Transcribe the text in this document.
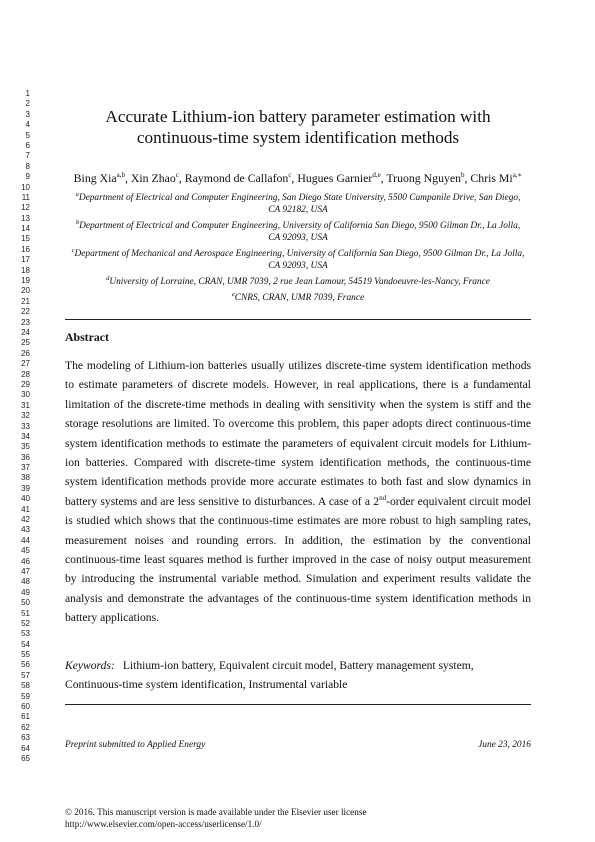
1
2
3
4
5
6
7
8
9
10
11
12
13
14
15
16
17
18
19
20
21
22
23
24
25
26
27
28
29
30
31
32
33
34
35
36
37
38
39
40
41
42
43
44
45
46
47
48
49
50
51
52
53
54
55
56
57
58
59
60
61
62
63
64
65
Accurate Lithium-ion battery parameter estimation with
continuous-time system identification methods
Bing Xia$^{a,b}$, Xin Zhao$^c$, Raymond de Callafon$^c$, Hugues Garnier$^{d,e}$, Truong Nguyen$^b$, Chris $Mi^{a,∗}$
$^a$Department of Electrical and Computer Engineering, San Diego State University, 5500 Campanile Drive, San Diego, CA 92182, USA
$^b$Department of Electrical and Computer Engineering, University of California San Diego, 9500 Gilman Dr., La Jolla, CA 92093, USA
$^c$Department of Mechanical and Aerospace Engineering, University of California San Diego, 9500 Gilman Dr., La Jolla, CA 92093, USA
$^d$University of Lorraine, CRAN, UMR 7039, 2 rue Jean Lamour, 54519 Vandoeuvre-les-Nancy, France
$^e$CNRS, CRAN, UMR 7039, France
Abstract
The modeling of Lithium-ion batteries usually utilizes discrete-time system identification methods to estimate parameters of discrete models. However, in real applications, there is a fundamental limitation of the discrete-time methods in dealing with sensitivity when the system is stiff and the storage resolutions are limited. To overcome this problem, this paper adopts direct continuous-time system identification methods to estimate the parameters of equivalent circuit models for Lithium-ion batteries. Compared with discrete-time system identification methods, the continuous-time system identification methods provide more accurate estimates to both fast and slow dynamics in battery systems and are less sensitive to disturbances. A case of a 2nd-order equivalent circuit model is studied which shows that the continuous-time estimates are more robust to high sampling rates, measurement noises and rounding errors. In addition, the estimation by the conventional continuous-time least squares method is further improved in the case of noisy output measurement by introducing the instrumental variable method. Simulation and experiment results validate the analysis and demonstrate the advantages of the continuous-time system identification methods in battery applications.
Keywords: Lithium-ion battery, Equivalent circuit model, Battery management system, Continuous-time system identification, Instrumental variable
Preprint submitted to Applied Energy	June 23, 2016
© 2016. This manuscript version is made available under the Elsevier user license
http://www.elsevier.com/open-access/userlicense/1.0/
